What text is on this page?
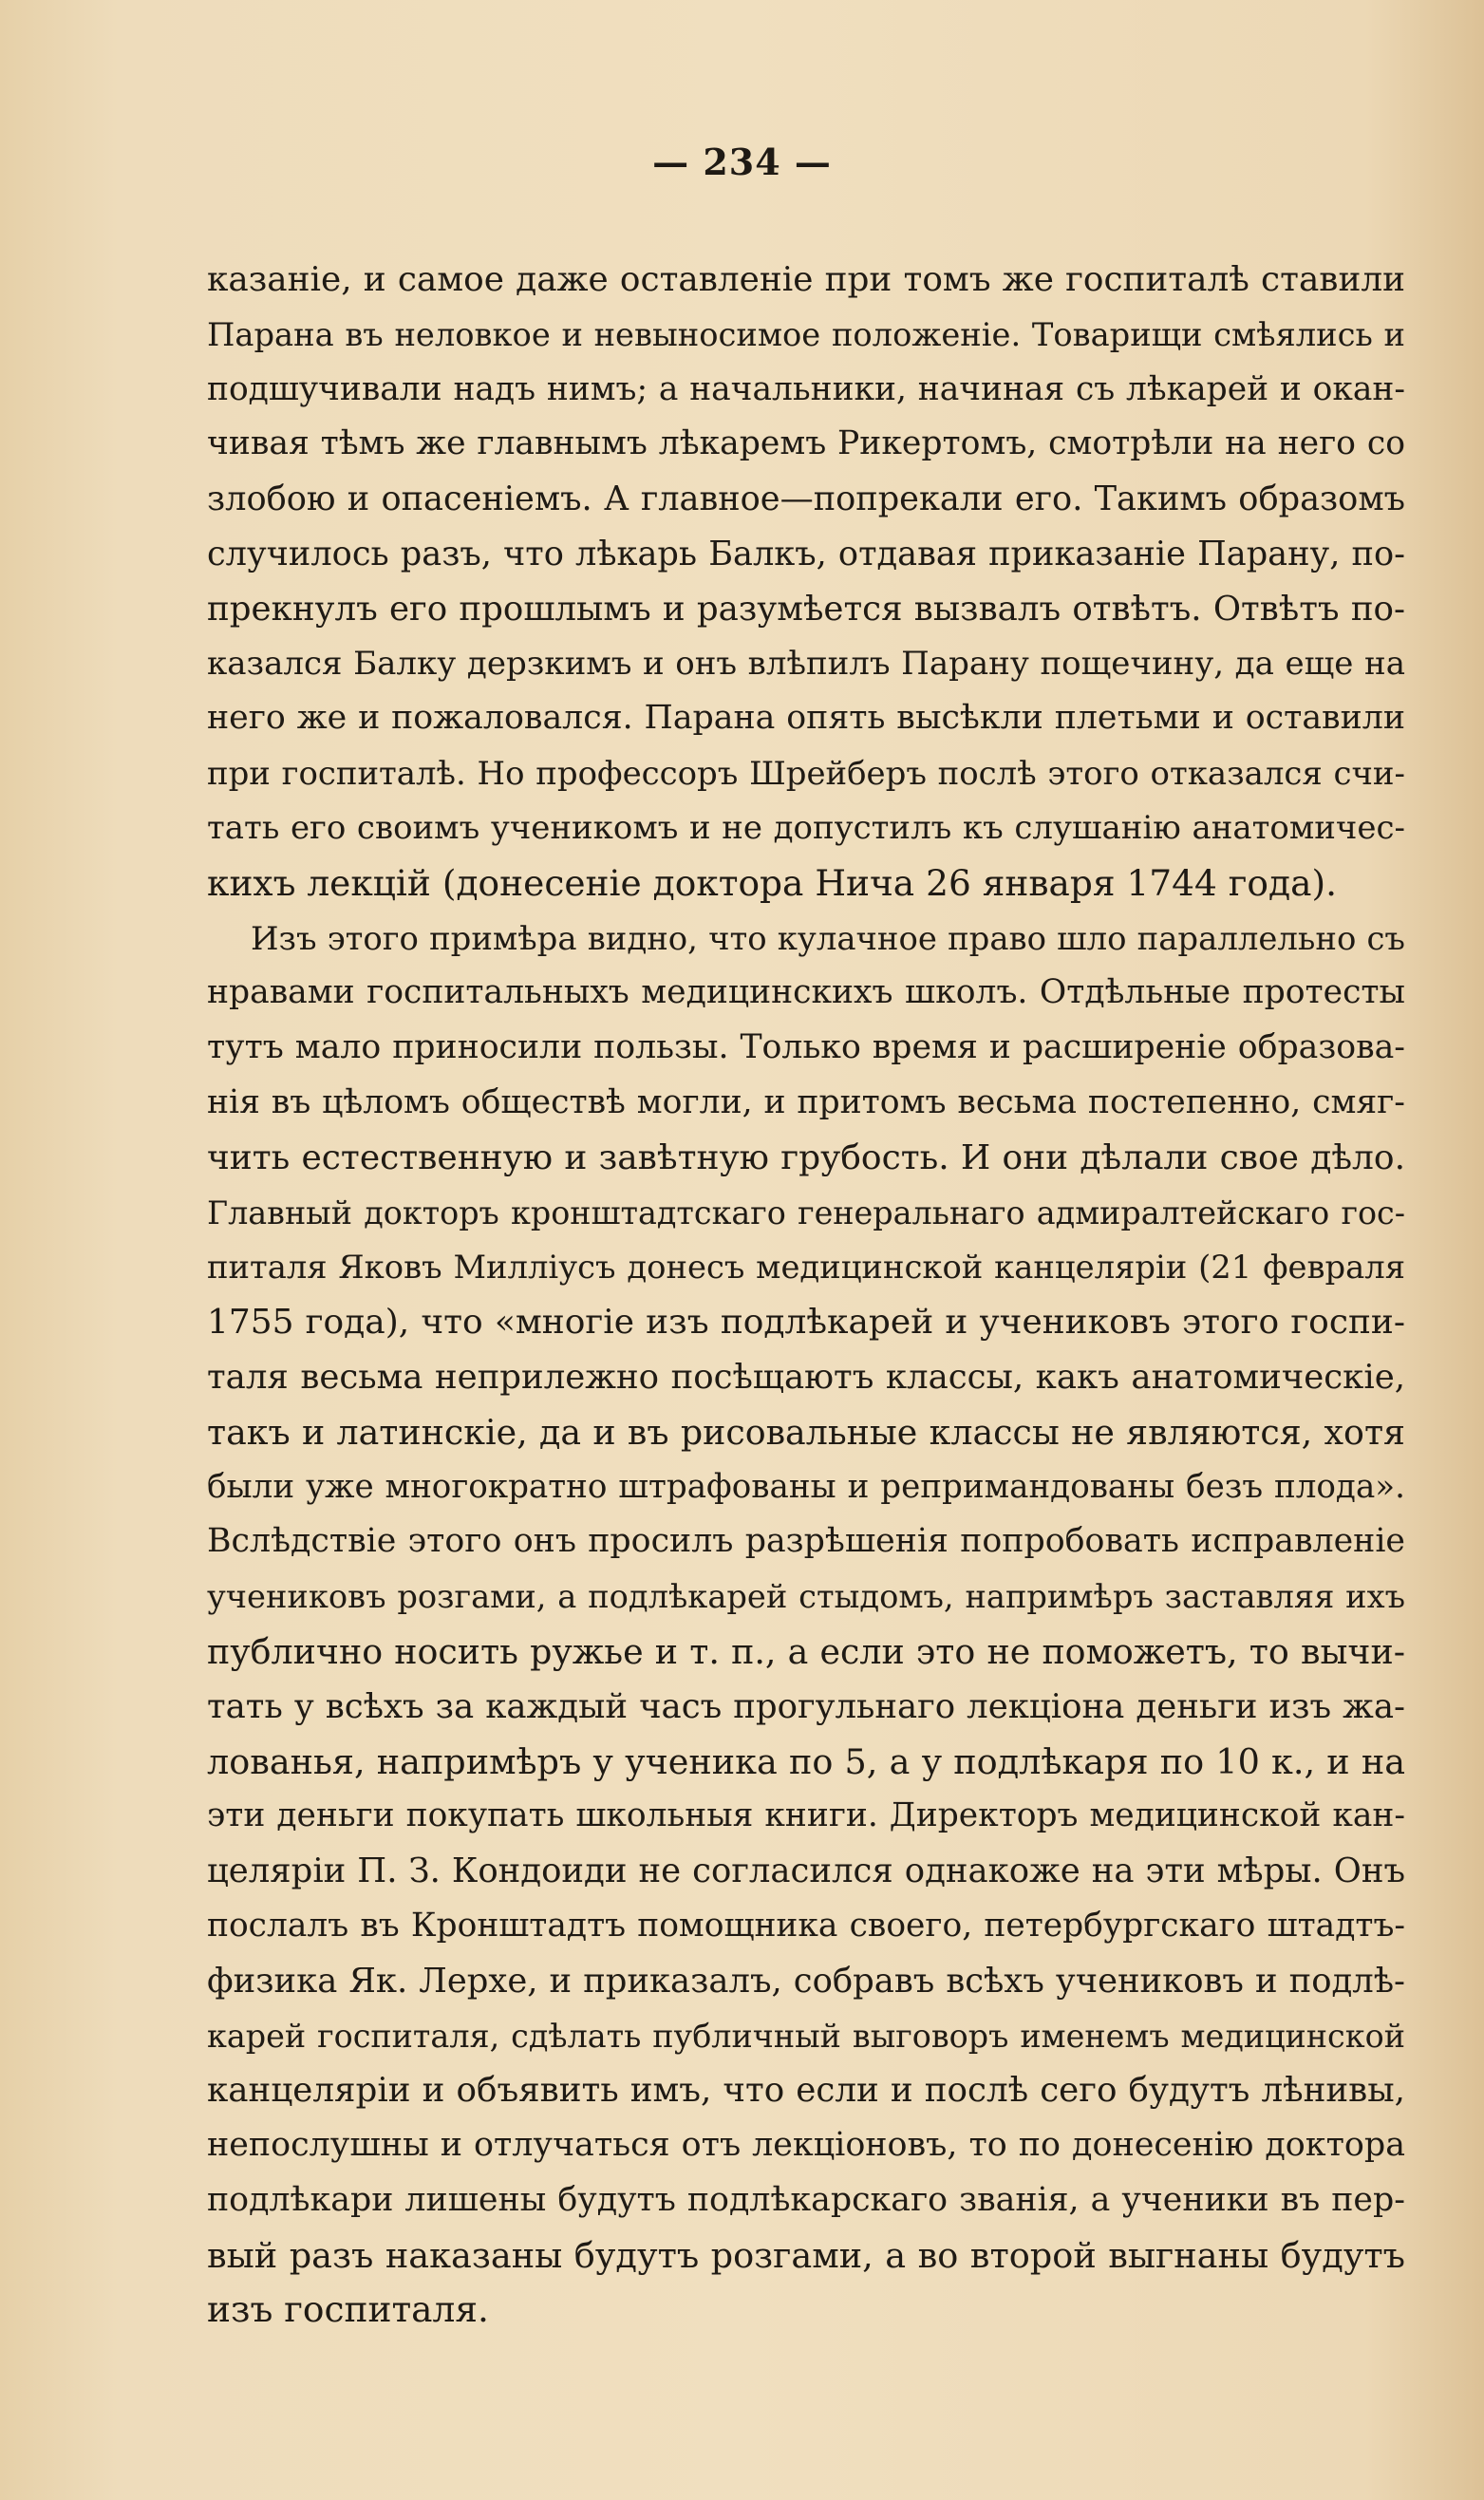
— 234 —
казаніе, и самое даже оставленіе при томъ же госпиталѣ ставили
Парана въ неловкое и невыносимое положеніе. Товарищи смѣялись и
подшучивали надъ нимъ; а начальники, начиная съ лѣкарей и окан-
чивая тѣмъ же главнымъ лѣкаремъ Рикертомъ, смотрѣли на него со
злобою и опасеніемъ. А главное—попрекали его. Такимъ образомъ
случилось разъ, что лѣкарь Балкъ, отдавая приказаніе Парану, по-
прекнулъ его прошлымъ и разумѣется вызвалъ отвѣтъ. Отвѣтъ по-
казался Балку дерзкимъ и онъ влѣпилъ Парану пощечину, да еще на
него же и пожаловался. Парана опять высѣкли плетьми и оставили
при госпиталѣ. Но профессоръ Шрейберъ послѣ этого отказался счи-
тать его своимъ ученикомъ и не допустилъ къ слушанію анатомичес-
кихъ лекцій (донесеніе доктора Нича 26 января 1744 года).
Изъ этого примѣра видно, что кулачное право шло параллельно съ
нравами госпитальныхъ медицинскихъ школъ. Отдѣльные протесты
тутъ мало приносили пользы. Только время и расширеніе образова-
нія въ цѣломъ обществѣ могли, и притомъ весьма постепенно, смяг-
чить естественную и завѣтную грубость. И они дѣлали свое дѣло.
Главный докторъ кронштадтскаго генеральнаго адмиралтейскаго гос-
питаля Яковъ Милліусъ донесъ медицинской канцеляріи (21 февраля
1755 года), что «многіе изъ подлѣкарей и учениковъ этого госпи-
таля весьма неприлежно посѣщаютъ классы, какъ анатомическіе,
такъ и латинскіе, да и въ рисовальные классы не являются, хотя
были уже многократно штрафованы и репримандованы безъ плода».
Вслѣдствіе этого онъ просилъ разрѣшенія попробовать исправленіе
учениковъ розгами, а подлѣкарей стыдомъ, напримѣръ заставляя ихъ
публично носить ружье и т. п., а если это не поможетъ, то вычи-
тать у всѣхъ за каждый часъ прогульнаго лекціона деньги изъ жа-
лованья, напримѣръ у ученика по 5, а у подлѣкаря по 10 к., и на
эти деньги покупать школьныя книги. Директоръ медицинской кан-
целяріи П. З. Кондоиди не согласился однакоже на эти мѣры. Онъ
послалъ въ Кронштадтъ помощника своего, петербургскаго штадтъ-
физика Як. Лерхе, и приказалъ, собравъ всѣхъ учениковъ и подлѣ-
карей госпиталя, сдѣлать публичный выговоръ именемъ медицинской
канцеляріи и объявить имъ, что если и послѣ сего будутъ лѣнивы,
непослушны и отлучаться отъ лекціоновъ, то по донесенію доктора
подлѣкари лишены будутъ подлѣкарскаго званія, а ученики въ пер-
вый разъ наказаны будутъ розгами, а во второй выгнаны будутъ
изъ госпиталя.
